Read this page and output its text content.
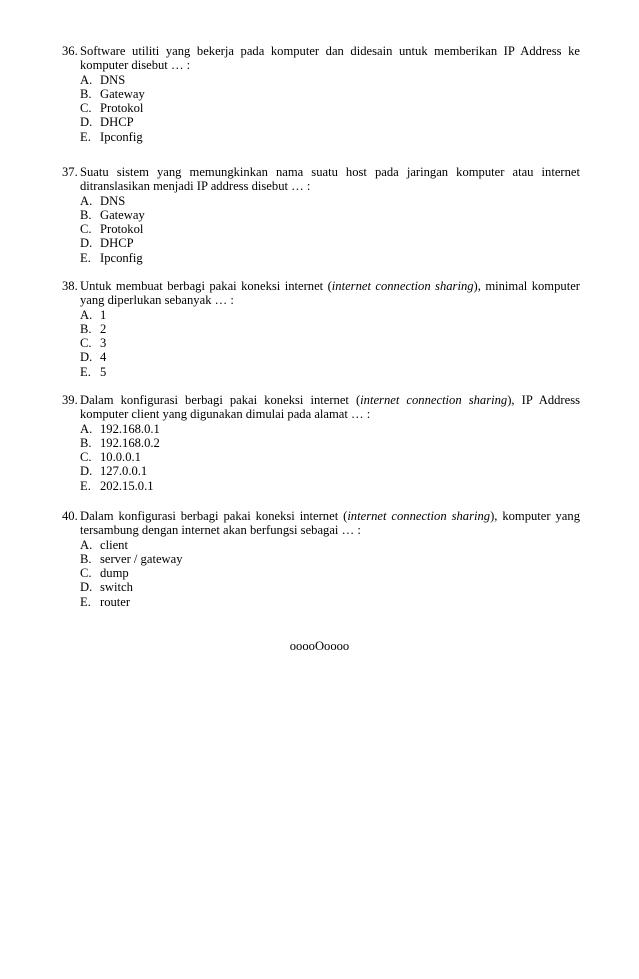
36. Software utiliti yang bekerja pada komputer dan didesain untuk memberikan IP Address ke komputer disebut … :
A. DNS
B. Gateway
C. Protokol
D. DHCP
E. Ipconfig
37. Suatu sistem yang memungkinkan nama suatu host pada jaringan komputer atau internet ditranslasikan menjadi IP address disebut … :
A. DNS
B. Gateway
C. Protokol
D. DHCP
E. Ipconfig
38. Untuk membuat berbagi pakai koneksi internet (internet connection sharing), minimal komputer yang diperlukan sebanyak … :
A. 1
B. 2
C. 3
D. 4
E. 5
39. Dalam konfigurasi berbagi pakai koneksi internet (internet connection sharing), IP Address komputer client yang digunakan dimulai pada alamat … :
A. 192.168.0.1
B. 192.168.0.2
C. 10.0.0.1
D. 127.0.0.1
E. 202.15.0.1
40. Dalam konfigurasi berbagi pakai koneksi internet (internet connection sharing), komputer yang tersambung dengan internet akan berfungsi sebagai … :
A. client
B. server / gateway
C. dump
D. switch
E. router
ooooOoooo
